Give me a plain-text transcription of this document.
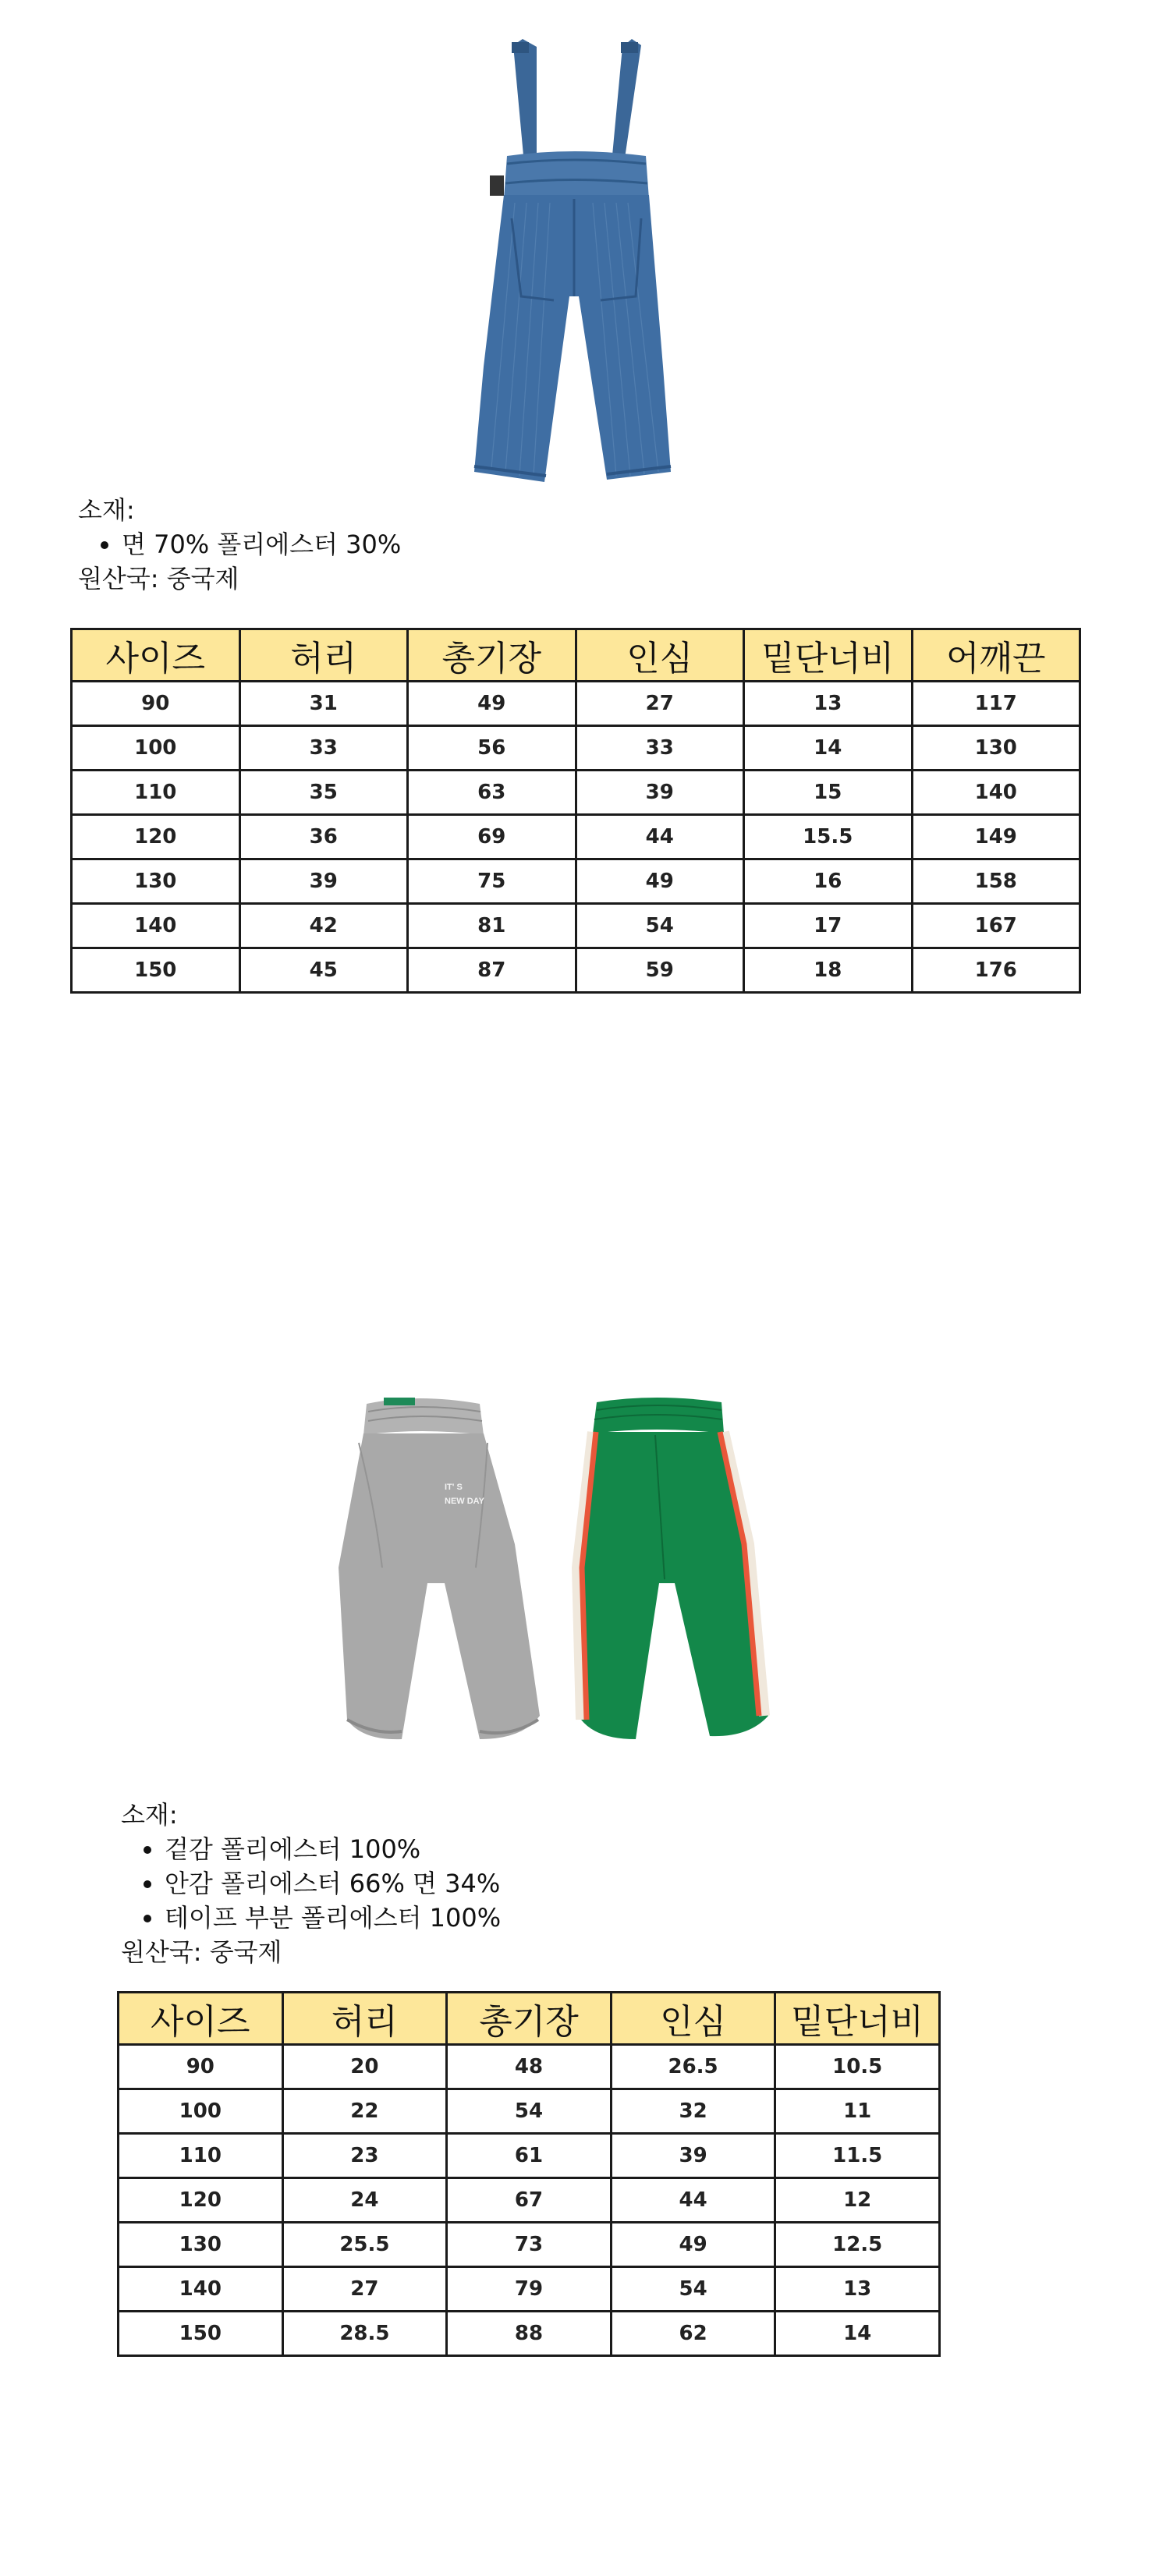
소재:
• 면 70% 폴리에스터 30%
원산국: 중국제
사이즈	허리	총기장	인심	밑단너비	어깨끈
90	31	49	27	13	117
100	33	56	33	14	130
110	35	63	39	15	140
120	36	69	44	15.5	149
130	39	75	49	16	158
140	42	81	54	17	167
150	45	87	59	18	176
IT' S
NEW DAY
소재:
• 겉감 폴리에스터 100%
• 안감 폴리에스터 66% 면 34%
• 테이프 부분 폴리에스터 100%
원산국: 중국제
사이즈	허리	총기장	인심	밑단너비
90	20	48	26.5	10.5
100	22	54	32	11
110	23	61	39	11.5
120	24	67	44	12
130	25.5	73	49	12.5
140	27	79	54	13
150	28.5	88	62	14
